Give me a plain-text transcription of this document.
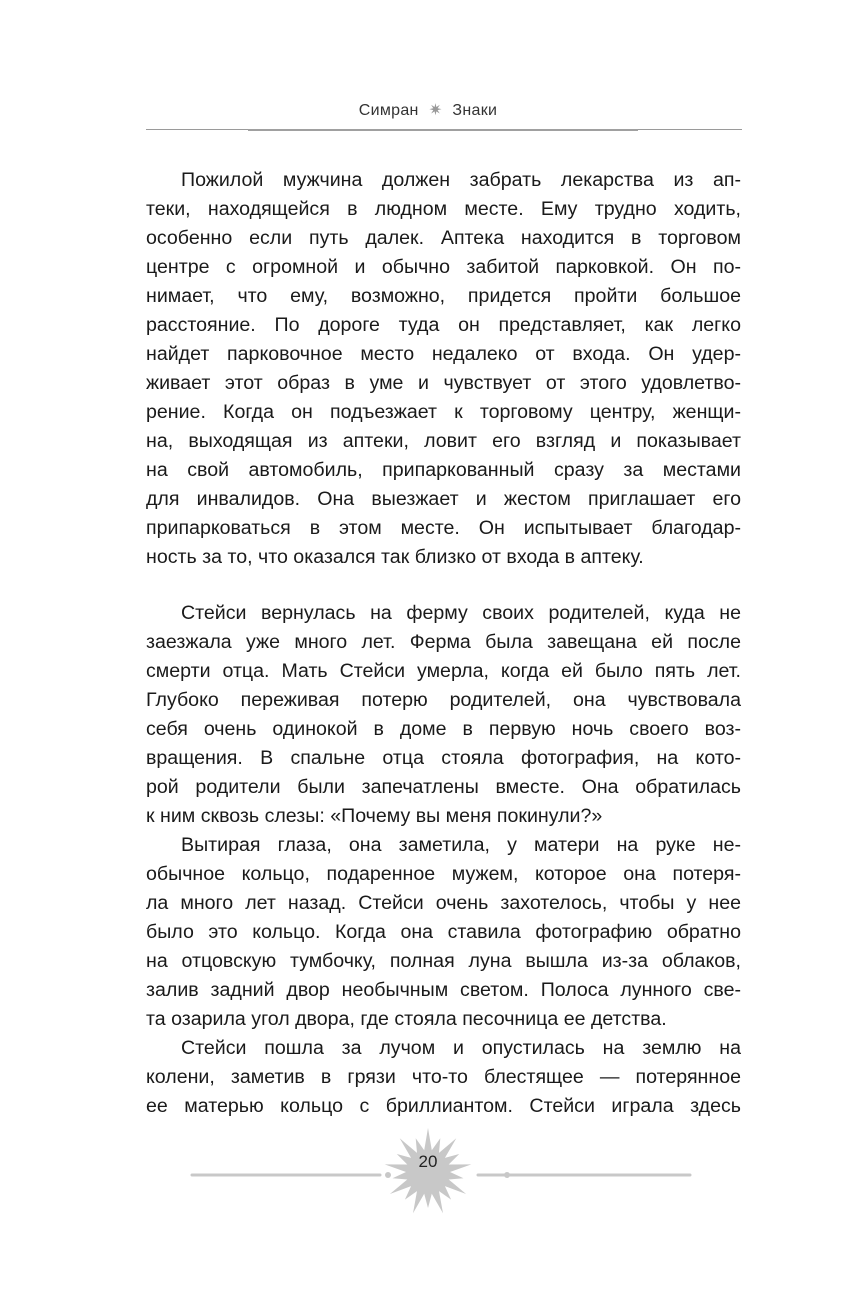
Симран ✷ Знаки
Пожилой мужчина должен забрать лекарства из ап-
теки, находящейся в людном месте. Ему трудно ходить,
особенно если путь далек. Аптека находится в торговом
центре с огромной и обычно забитой парковкой. Он по-
нимает, что ему, возможно, придется пройти большое
расстояние. По дороге туда он представляет, как легко
найдет парковочное место недалеко от входа. Он удер-
живает этот образ в уме и чувствует от этого удовлетво-
рение. Когда он подъезжает к торговому центру, женщи-
на, выходящая из аптеки, ловит его взгляд и показывает
на свой автомобиль, припаркованный сразу за местами
для инвалидов. Она выезжает и жестом приглашает его
припарковаться в этом месте. Он испытывает благодар-
ность за то, что оказался так близко от входа в аптеку.
Стейси вернулась на ферму своих родителей, куда не
заезжала уже много лет. Ферма была завещана ей после
смерти отца. Мать Стейси умерла, когда ей было пять лет.
Глубоко переживая потерю родителей, она чувствовала
себя очень одинокой в доме в первую ночь своего воз-
вращения. В спальне отца стояла фотография, на кото-
рой родители были запечатлены вместе. Она обратилась
к ним сквозь слезы: «Почему вы меня покинули?»
Вытирая глаза, она заметила, у матери на руке не-
обычное кольцо, подаренное мужем, которое она потеря-
ла много лет назад. Стейси очень захотелось, чтобы у нее
было это кольцо. Когда она ставила фотографию обратно
на отцовскую тумбочку, полная луна вышла из-за облаков,
залив задний двор необычным светом. Полоса лунного све-
та озарила угол двора, где стояла песочница ее детства.
Стейси пошла за лучом и опустилась на землю на
колени, заметив в грязи что-то блестящее — потерянное
ее матерью кольцо с бриллиантом. Стейси играла здесь
20
